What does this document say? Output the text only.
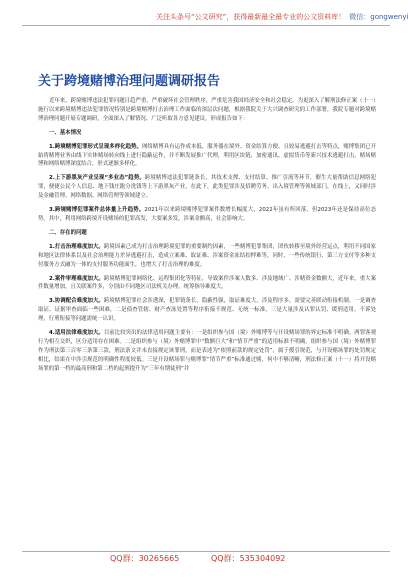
关注头条号“公文研究”，获得最新最全最专业的公文资料库！ 微信：gongwenyi
关于跨境赌博治理问题调研报告

近年来，跨境赌博违法犯罪问题日趋严重，严重破坏社会管理秩序，严重危害我国经济安全和社会稳定。为更深入了解刑法修正案（十一）施行以来跨境赌博违法犯罪情况特别是跨境赌博打击治理工作面临的深层次问题，根据我院关于大兴调查研究的工作部署，我院专题对跨境赌博治理问题开展专题调研，全面深入了解情况、广泛听取各方意见建议，形成报告如下：

一、基本情况

1.跨境赌博犯罪形式呈现多样化趋势。网络赌博具有运作成本低、服务器在境外、资金结算方便、且较易逃避打击等特点，赌博集团已开始将赌博业务由线下实体赌场转向线上进行隐蔽运作，并不断发展推广代理，利用区块链、加密通讯、虚拟货币等新兴技术逃避打击，赌场赌博和网络赌博深度结合，形式逐渐多样化。

2.上下游黑灰产业呈现“多业态”趋势。跨境赌博违法犯罪链条长，其技术支撑、支付结算、推广引流等环节，催生大量帮助信息网络犯罪，便捷公民个人信息、地下钱庄跑分洗钱等上下游黑灰产业。在此下，此类犯罪涉及招聘劳务、出入境管理等领域部门，在线上，又同时涉及金融管理、网络数据、网络管理等领域建立。

3.跨境赌博犯罪案件总体量上升趋势。2021年以来跨境赌博犯罪案件数增长幅度大，2022年虽有所回落，但2023年还是保持高位态势。其中，利用网络跨境开设赌场的犯罪高发，大要案多发，涉案金额高，社会影响大。

二、存在的问题

1.打击治理难度加大。跨境因素已成为打击治理跨境犯罪的重要制约因素，一些赌博犯罪集团，团伙转移至境外经营运点，利用不同国家和地区法律体系以及社会治理能力差异逃避打击，造成立案难、取证难、涉案资金冻结扣押难等，同时，一些传统银行、第三方支付等多种支付服务方式融为一体的支付服务功能面生，也增大了打击治理的难度。

2.案件审理难度加大。跨境赌博犯罪网络化、远程集团化等特征，导致案件涉案人数多、涉及地域广、涉赌资金数额大，近年来，重大案件数量增加，且关联案件多，分别由不同地区司法机关办理，统筹指导难度大。

3.协调配合难度加大。跨境赌博犯罪社会涉透深，犯罪链条长，隐蔽性强，取证难度大，涉及程序多，需要完善联动衔接机制。一是调查取证、证据审查面临一些困难，二是侦查管辖、财产查冻处置等程序衔接不规范、无统一标准，三是大量涉及认罪认罚、缓刑适用、不诉处理，行刑衔接等问题需统一认识。

4.适用法律难度加大。目前比较突出的法律适用问题主要有：一是组织参与国（境）外赌博等与开设赌场罪的界定标准不明确。两罪客观行为相互交织，区分适用存在困难。二是组织参与（境）外赌博罪中“数额巨大”和“情节严重”的适用标准不明确，组织参与国（境）外赌博罪作为刑法第三百零三条第三款，刑法条文并未直接规定该罪刑，而是表述为“依照前款的规定处罚”，属于援引规范，与开设赌场罪的处罚规定相比，结果在中涉引规范的明确性程度较低。三是开设赌场罪与赌博罪“情节严重”标准通过赌，何中不够清晰，刑法修正案（十一）将开设赌场罪的第一档的最高刑和第二档的起刑提升为“三年有期徒刑”并

QQ群：30265665	QQ群：535304092
